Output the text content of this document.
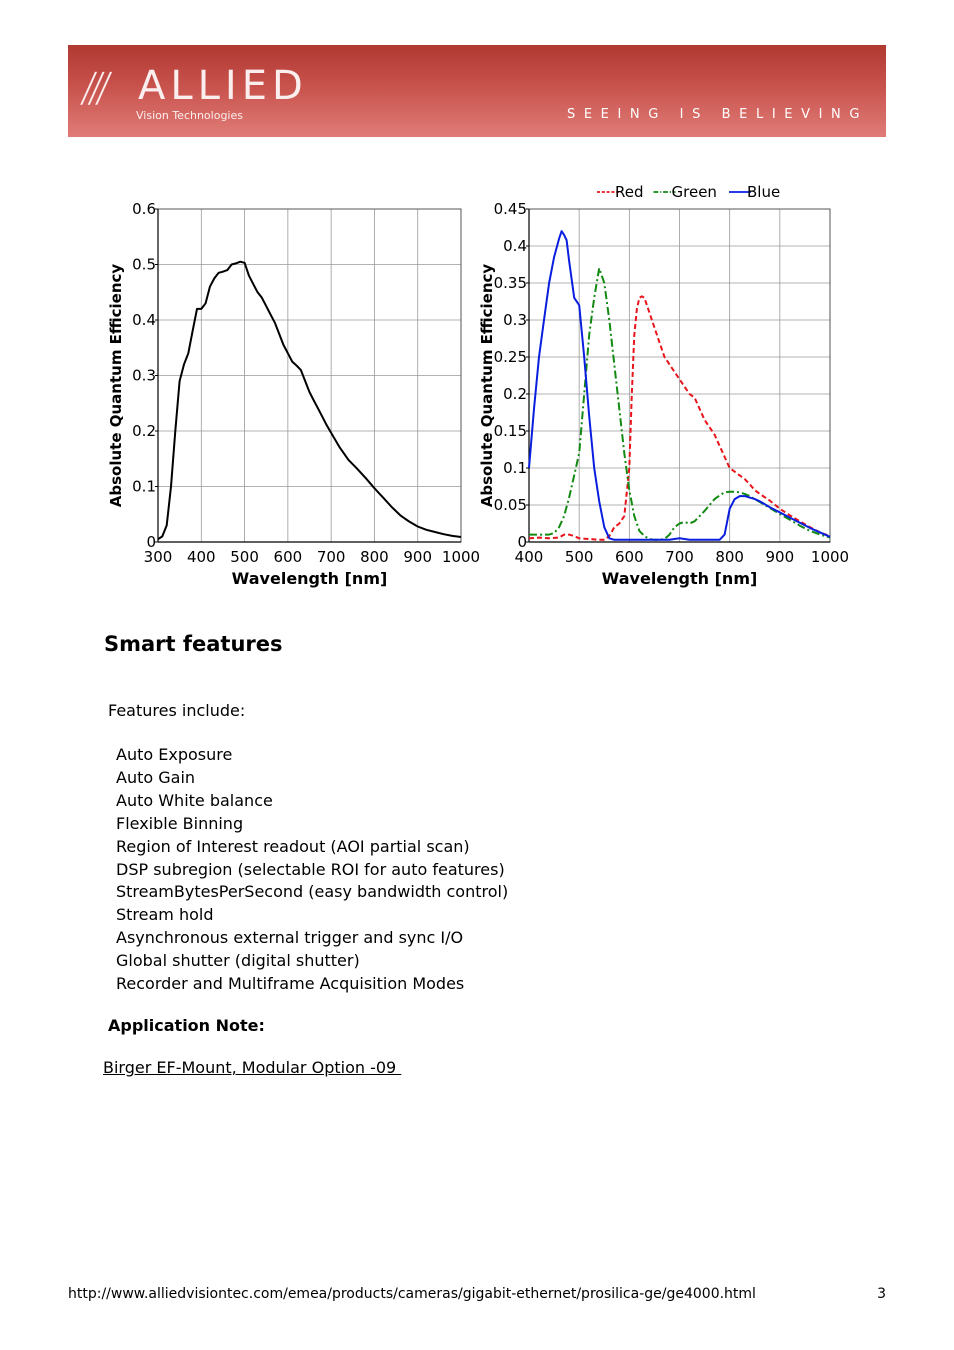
/// ALLIED
Vision Technologies	SEEING IS BELIEVING
300 400 500 600 700 800 900 1000
0
0.1
0.2
0.3
0.4
0.5
0.6
Wavelength [nm]
Absolute Quantum Efficiency
400 500 600 700 800 900 1000
0
0.05
0.1
0.15
0.2
0.25
0.3
0.35
0.4
0.45
Wavelength [nm]
Absolute Quantum Efficiency
Red Green Blue
Smart features
Features include:
Auto Exposure
Auto Gain
Auto White balance
Flexible Binning
Region of Interest readout (AOI partial scan)
DSP subregion (selectable ROI for auto features)
StreamBytesPerSecond (easy bandwidth control)
Stream hold
Asynchronous external trigger and sync I/O
Global shutter (digital shutter)
Recorder and Multiframe Acquisition Modes
Application Note:
Birger EF-Mount, Modular Option -09
http://www.alliedvisiontec.com/emea/products/cameras/gigabit-ethernet/prosilica-ge/ge4000.html	3
